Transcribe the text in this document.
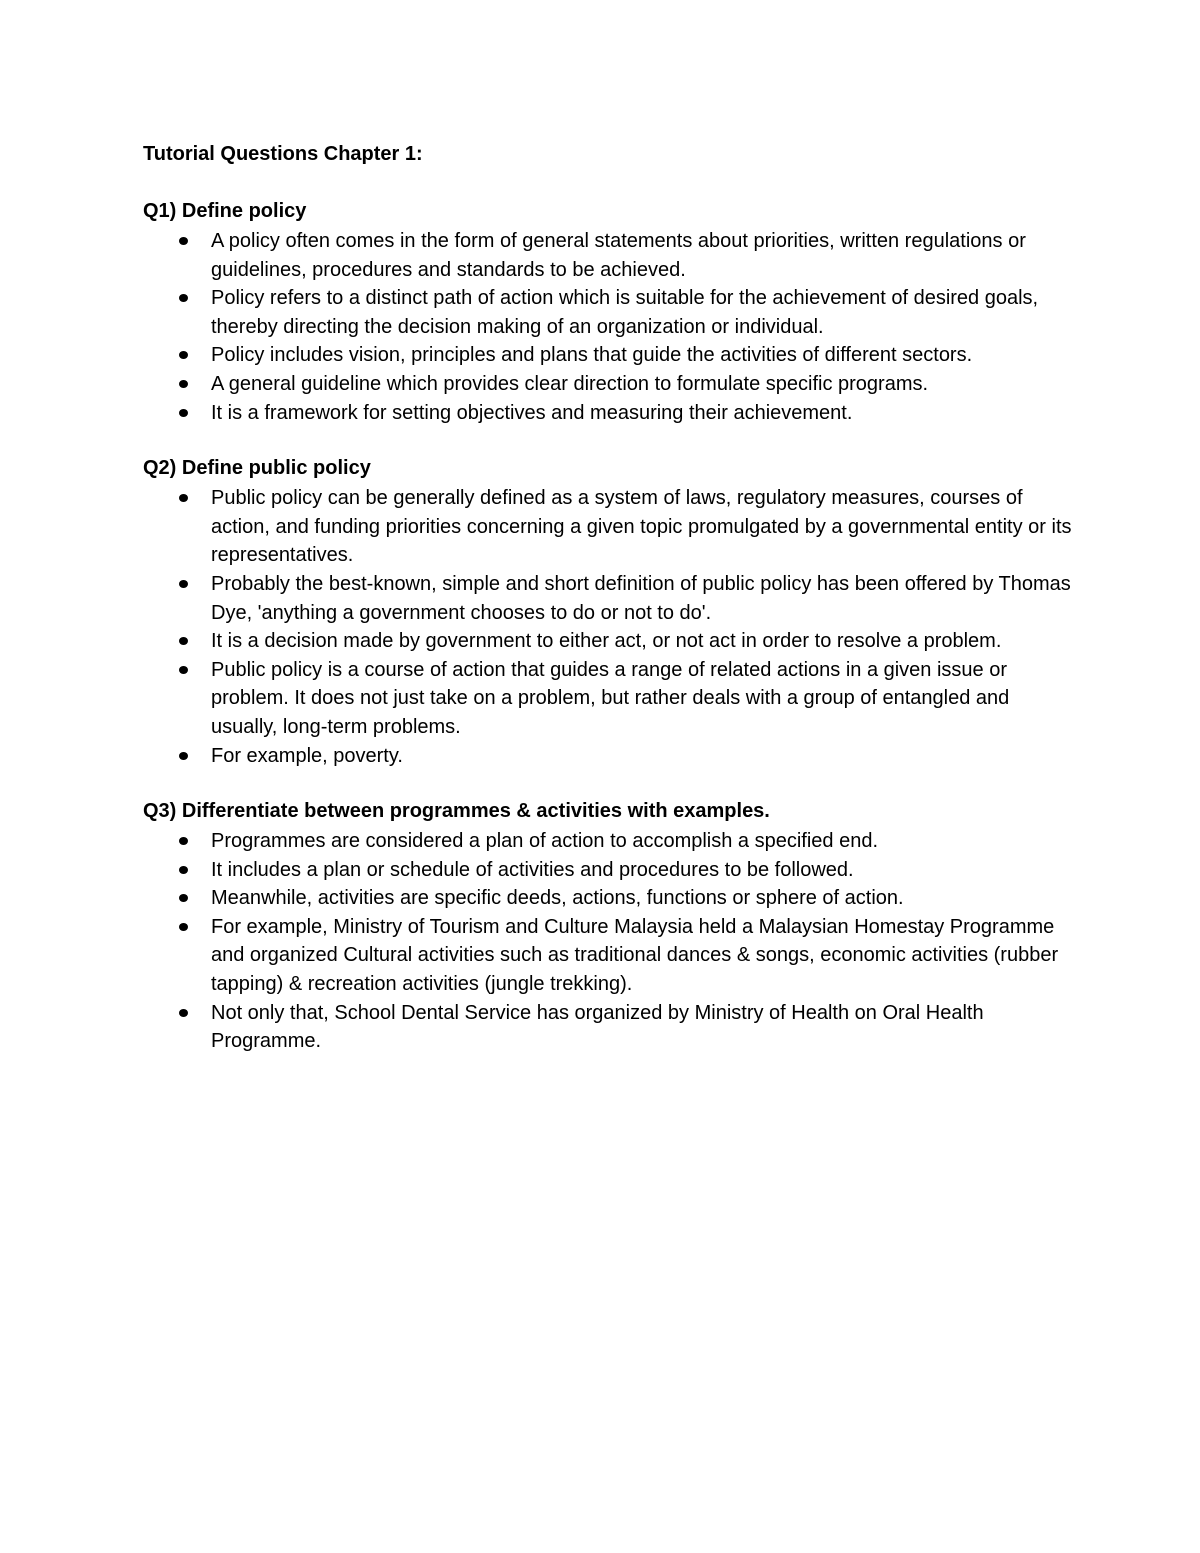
Tutorial Questions Chapter 1:
Q1) Define policy
A policy often comes in the form of general statements about priorities, written regulations or guidelines, procedures and standards to be achieved.
Policy refers to a distinct path of action which is suitable for the achievement of desired goals, thereby directing the decision making of an organization or individual.
Policy includes vision, principles and plans that guide the activities of different sectors.
A general guideline which provides clear direction to formulate specific programs.
It is a framework for setting objectives and measuring their achievement.
Q2) Define public policy
Public policy can be generally defined as a system of laws, regulatory measures, courses of action, and funding priorities concerning a given topic promulgated by a governmental entity or its representatives.
Probably the best-known, simple and short definition of public policy has been offered by Thomas Dye, 'anything a government chooses to do or not to do'.
It is a decision made by government to either act, or not act in order to resolve a problem.
Public policy is a course of action that guides a range of related actions in a given issue or problem. It does not just take on a problem, but rather deals with a group of entangled and usually, long-term problems.
For example, poverty.
Q3) Differentiate between programmes & activities with examples.
Programmes are considered a plan of action to accomplish a specified end.
It includes a plan or schedule of activities and procedures to be followed.
Meanwhile, activities are specific deeds, actions, functions or sphere of action.
For example, Ministry of Tourism and Culture Malaysia held a Malaysian Homestay Programme and organized Cultural activities such as traditional dances & songs, economic activities (rubber tapping) & recreation activities (jungle trekking).
Not only that, School Dental Service has organized by Ministry of Health on Oral Health Programme.
